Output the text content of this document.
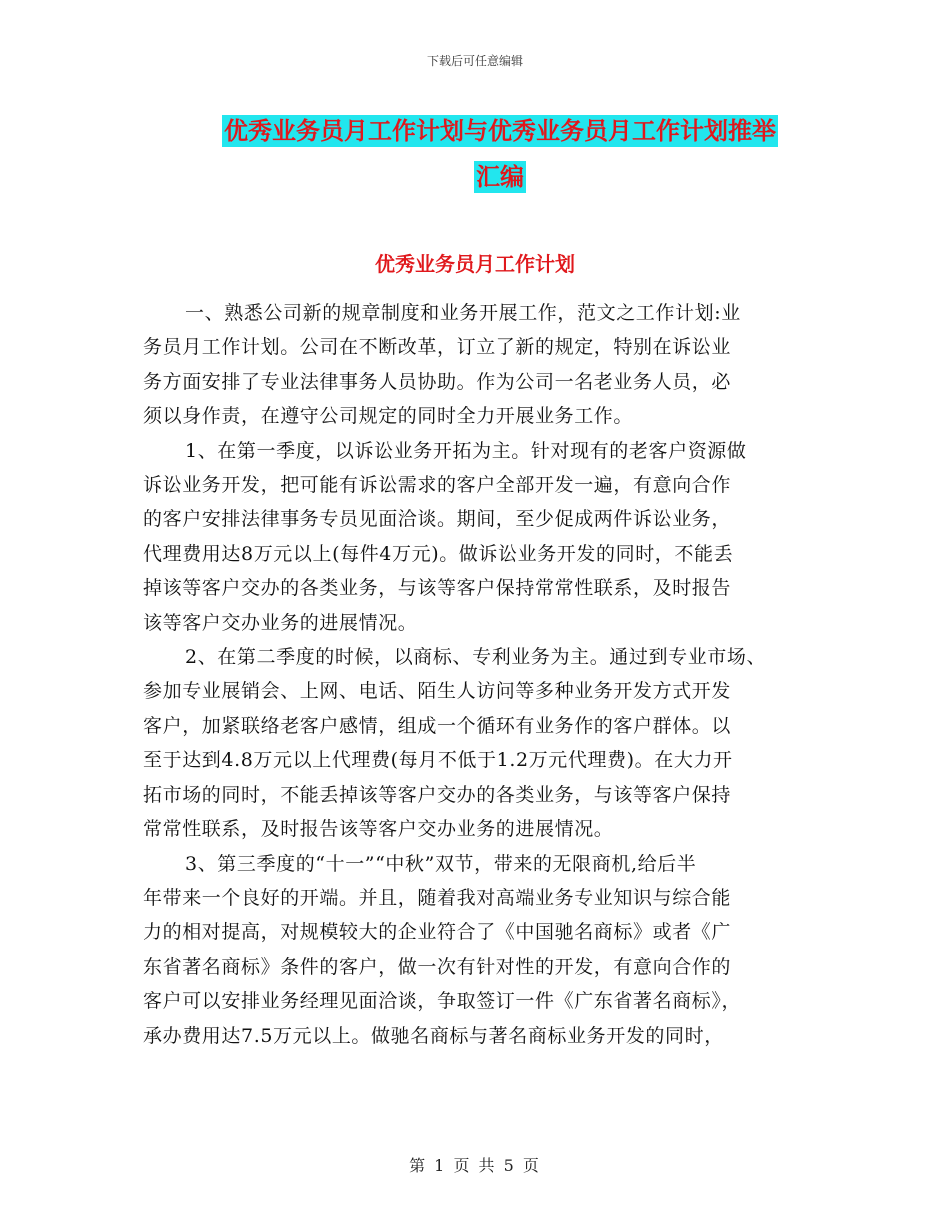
下载后可任意编辑
优秀业务员月工作计划与优秀业务员月工作计划推举
汇编
优秀业务员月工作计划

一、熟悉公司新的规章制度和业务开展工作，范文之工作计划:业
务员月工作计划。公司在不断改革，订立了新的规定，特别在诉讼业
务方面安排了专业法律事务人员协助。作为公司一名老业务人员，必
须以身作责，在遵守公司规定的同时全力开展业务工作。

1、在第一季度，以诉讼业务开拓为主。针对现有的老客户资源做
诉讼业务开发，把可能有诉讼需求的客户全部开发一遍，有意向合作
的客户安排法律事务专员见面洽谈。期间，至少促成两件诉讼业务，
代理费用达8万元以上(每件4万元)。做诉讼业务开发的同时，不能丢
掉该等客户交办的各类业务，与该等客户保持常常性联系，及时报告
该等客户交办业务的进展情况。

2、在第二季度的时候，以商标、专利业务为主。通过到专业市场、
参加专业展销会、上网、电话、陌生人访问等多种业务开发方式开发
客户，加紧联络老客户感情，组成一个循环有业务作的客户群体。以
至于达到4.8万元以上代理费(每月不低于1.2万元代理费)。在大力开
拓市场的同时，不能丢掉该等客户交办的各类业务，与该等客户保持
常常性联系，及时报告该等客户交办业务的进展情况。

3、第三季度的“十一”“中秋”双节，带来的无限商机,给后半
年带来一个良好的开端。并且，随着我对高端业务专业知识与综合能
力的相对提高，对规模较大的企业符合了《中国驰名商标》或者《广
东省著名商标》条件的客户，做一次有针对性的开发，有意向合作的
客户可以安排业务经理见面洽谈，争取签订一件《广东省著名商标》，
承办费用达7.5万元以上。做驰名商标与著名商标业务开发的同时，

第 1 页 共 5 页
